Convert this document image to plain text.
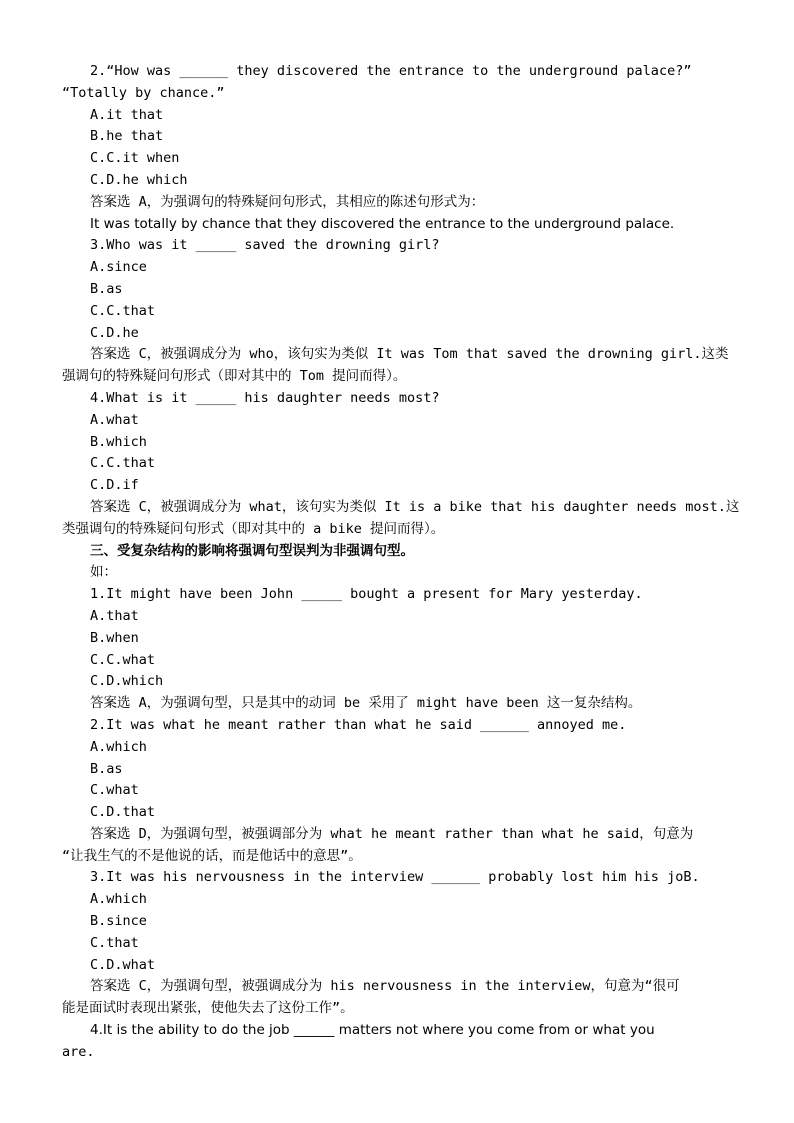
2.“How was ______ they discovered the entrance to the underground palace?”
“Totally by chance.”
A.it that
B.he that
C.C.it when
C.D.he which
答案选 A，为强调句的特殊疑问句形式，其相应的陈述句形式为：
It was totally by chance that they discovered the entrance to the underground palace.
3.Who was it _____ saved the drowning girl?
A.since
B.as
C.C.that
C.D.he
答案选 C，被强调成分为 who，该句实为类似 It was Tom that saved the drowning girl.这类
强调句的特殊疑问句形式（即对其中的 Tom 提问而得）。
4.What is it _____ his daughter needs most?
A.what
B.which
C.C.that
C.D.if
答案选 C，被强调成分为 what，该句实为类似 It is a bike that his daughter needs most.这
类强调句的特殊疑问句形式（即对其中的 a bike 提问而得）。
三、受复杂结构的影响将强调句型误判为非强调句型。
如：
1.It might have been John _____ bought a present for Mary yesterday.
A.that
B.when
C.C.what
C.D.which
答案选 A，为强调句型，只是其中的动词 be 采用了 might have been 这一复杂结构。
2.It was what he meant rather than what he said ______ annoyed me.
A.which
B.as
C.what
C.D.that
答案选 D，为强调句型，被强调部分为 what he meant rather than what he said，句意为
“让我生气的不是他说的话，而是他话中的意思”。
3.It was his nervousness in the interview ______ probably lost him his joB.
A.which
B.since
C.that
C.D.what
答案选 C，为强调句型，被强调成分为 his nervousness in the interview，句意为“很可
能是面试时表现出紧张，使他失去了这份工作”。
4.It is the ability to do the job ______ matters not where you come from or what you
are.
